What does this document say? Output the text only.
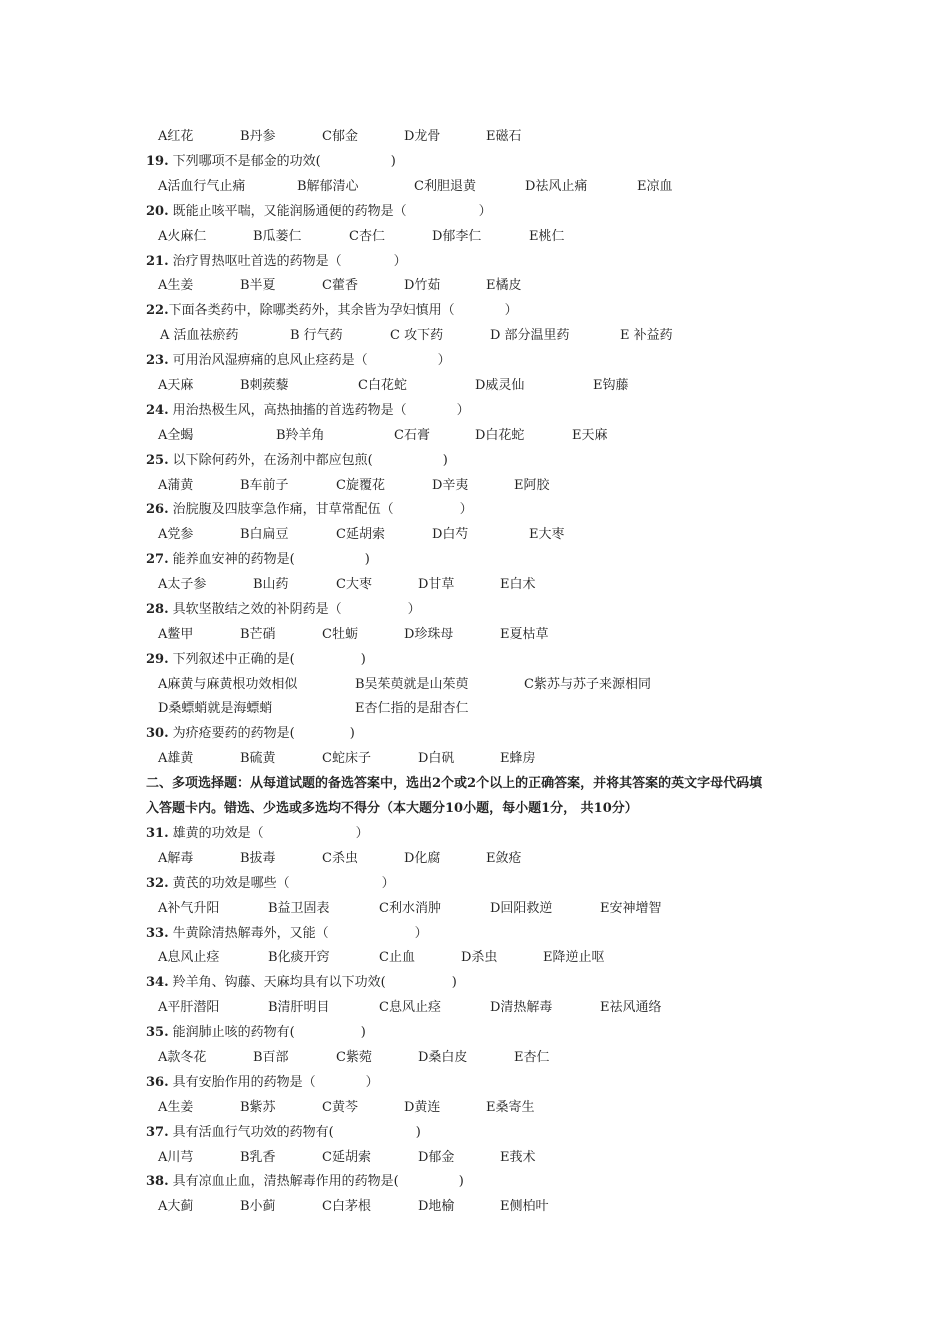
A红花	B丹参	C郁金	D龙骨	E磁石
19. 下列哪项不是郁金的功效(	)
A活血行气止痛	B解郁清心	C利胆退黄	D祛风止痛	E凉血
20. 既能止咳平喘，又能润肠通便的药物是（	）
A火麻仁	B瓜蒌仁	C杏仁	D郁李仁	E桃仁
21. 治疗胃热呕吐首选的药物是（	）
A生姜	B半夏	C藿香	D竹茹	E橘皮
22.下面各类药中，除哪类药外，其余皆为孕妇慎用（	）
A 活血祛瘀药	B 行气药	C 攻下药	D 部分温里药	E 补益药
23. 可用治风湿痹痛的息风止痉药是（	）
A天麻	B刺蒺藜	C白花蛇	D威灵仙	E钩藤
24. 用治热极生风，高热抽搐的首选药物是（	）
A全蝎	B羚羊角	C石膏	D白花蛇	E天麻
25. 以下除何药外，在汤剂中都应包煎(	)
A蒲黄	B车前子	C旋覆花	D辛夷	E阿胶
26. 治脘腹及四肢挛急作痛，甘草常配伍（	）
A党参	B白扁豆	C延胡索	D白芍	E大枣
27. 能养血安神的药物是(	)
A太子参	B山药	C大枣	D甘草	E白术
28. 具软坚散结之效的补阴药是（	）
A鳖甲	B芒硝	C牡蛎	D珍珠母	E夏枯草
29. 下列叙述中正确的是(	)
A麻黄与麻黄根功效相似	B吴茱萸就是山茱萸	C紫苏与苏子来源相同
D桑螵蛸就是海螵蛸	E杏仁指的是甜杏仁
30. 为疥疮要药的药物是(	)
A雄黄	B硫黄	C蛇床子	D白矾	E蜂房
二、多项选择题：从每道试题的备选答案中，选出2个或2个以上的正确答案，并将其答案的英文字母代码填
入答题卡内。错选、少选或多选均不得分（本大题分10小题，每小题1分， 共10分）
31. 雄黄的功效是（	）
A解毒	B拔毒	C杀虫	D化腐	E敛疮
32. 黄芪的功效是哪些（	）
A补气升阳	B益卫固表	C利水消肿	D回阳救逆	E安神增智
33. 牛黄除清热解毒外，又能（	）
A息风止痉	B化痰开窍	C止血	D杀虫	E降逆止呕
34. 羚羊角、钩藤、天麻均具有以下功效(	)
A平肝潜阳	B清肝明目	C息风止痉	D清热解毒	E祛风通络
35. 能润肺止咳的药物有(	)
A款冬花	B百部	C紫菀	D桑白皮	E杏仁
36. 具有安胎作用的药物是（	）
A生姜	B紫苏	C黄芩	D黄连	E桑寄生
37. 具有活血行气功效的药物有(	)
A川芎	B乳香	C延胡索	D郁金	E莪术
38. 具有凉血止血，清热解毒作用的药物是(	)
A大蓟	B小蓟	C白茅根	D地榆	E侧柏叶
